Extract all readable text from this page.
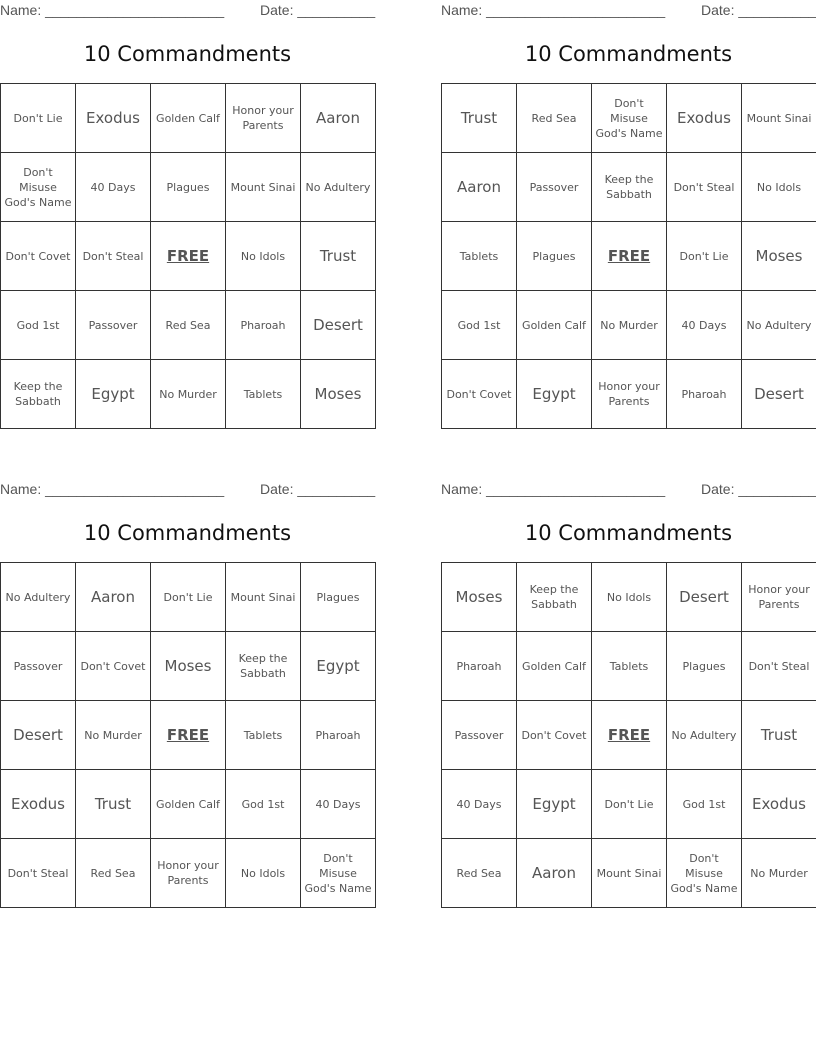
Name: _______________________	Date: __________
10 Commandments
Don't Lie	Exodus	Golden Calf	Honor your Parents	Aaron
Don't Misuse God's Name	40 Days	Plagues	Mount Sinai	No Adultery
Don't Covet	Don't Steal	FREE	No Idols	Trust
God 1st	Passover	Red Sea	Pharoah	Desert
Keep the Sabbath	Egypt	No Murder	Tablets	Moses
Name: _______________________	Date: __________
10 Commandments
Trust	Red Sea	Don't Misuse God's Name	Exodus	Mount Sinai
Aaron	Passover	Keep the Sabbath	Don't Steal	No Idols
Tablets	Plagues	FREE	Don't Lie	Moses
God 1st	Golden Calf	No Murder	40 Days	No Adultery
Don't Covet	Egypt	Honor your Parents	Pharoah	Desert
Name: _______________________	Date: __________
10 Commandments
No Adultery	Aaron	Don't Lie	Mount Sinai	Plagues
Passover	Don't Covet	Moses	Keep the Sabbath	Egypt
Desert	No Murder	FREE	Tablets	Pharoah
Exodus	Trust	Golden Calf	God 1st	40 Days
Don't Steal	Red Sea	Honor your Parents	No Idols	Don't Misuse God's Name
Name: _______________________	Date: __________
10 Commandments
Moses	Keep the Sabbath	No Idols	Desert	Honor your Parents
Pharoah	Golden Calf	Tablets	Plagues	Don't Steal
Passover	Don't Covet	FREE	No Adultery	Trust
40 Days	Egypt	Don't Lie	God 1st	Exodus
Red Sea	Aaron	Mount Sinai	Don't Misuse God's Name	No Murder
